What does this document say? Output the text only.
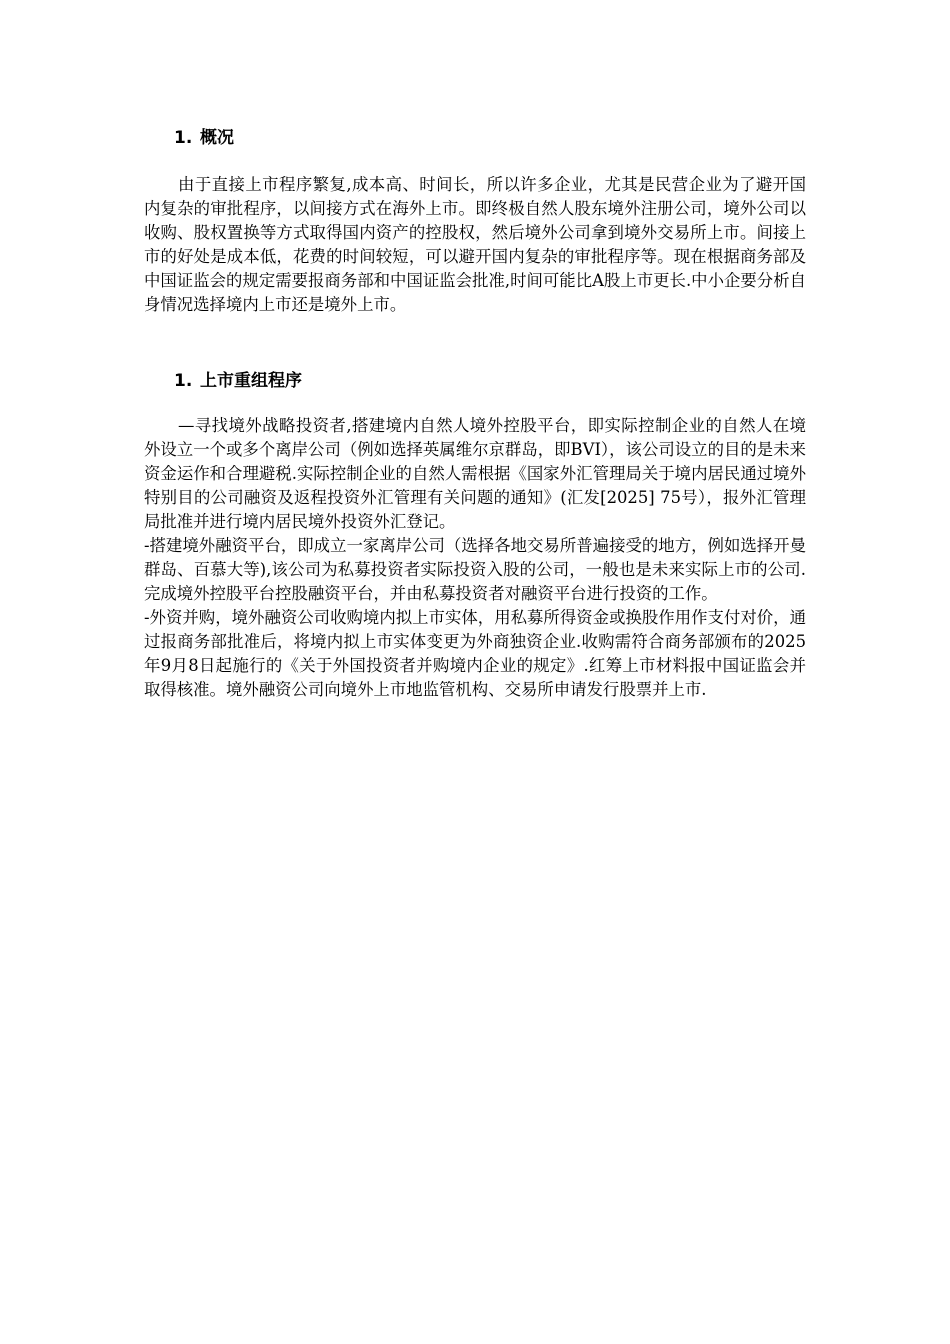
1. 概况

由于直接上市程序繁复,成本高、时间长，所以许多企业，尤其是民营企业为了避开国内复杂的审批程序，以间接方式在海外上市。即终极自然人股东境外注册公司，境外公司以收购、股权置换等方式取得国内资产的控股权，然后境外公司拿到境外交易所上市。间接上市的好处是成本低，花费的时间较短，可以避开国内复杂的审批程序等。现在根据商务部及中国证监会的规定需要报商务部和中国证监会批准,时间可能比A股上市更长.中小企要分析自身情况选择境内上市还是境外上市。

1. 上市重组程序

—寻找境外战略投资者,搭建境内自然人境外控股平台，即实际控制企业的自然人在境外设立一个或多个离岸公司（例如选择英属维尔京群岛，即BVI），该公司设立的目的是未来资金运作和合理避税.实际控制企业的自然人需根据《国家外汇管理局关于境内居民通过境外特别目的公司融资及返程投资外汇管理有关问题的通知》(汇发[2025] 75号），报外汇管理局批准并进行境内居民境外投资外汇登记。

-搭建境外融资平台，即成立一家离岸公司（选择各地交易所普遍接受的地方，例如选择开曼群岛、百慕大等),该公司为私募投资者实际投资入股的公司，一般也是未来实际上市的公司.完成境外控股平台控股融资平台，并由私募投资者对融资平台进行投资的工作。

-外资并购，境外融资公司收购境内拟上市实体，用私募所得资金或换股作用作支付对价，通过报商务部批准后，将境内拟上市实体变更为外商独资企业.收购需符合商务部颁布的2025年9月8日起施行的《关于外国投资者并购境内企业的规定》.红筹上市材料报中国证监会并取得核准。境外融资公司向境外上市地监管机构、交易所申请发行股票并上市.
